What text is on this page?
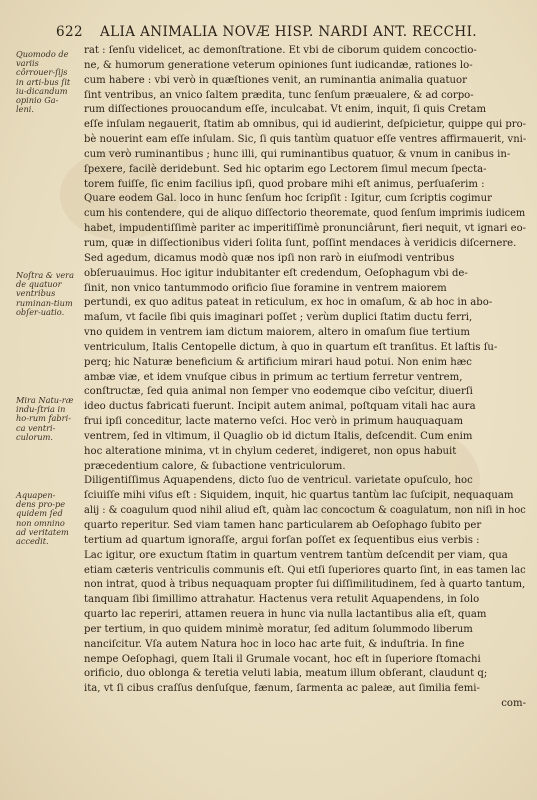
622 ALIA ANIMALIA NOVÆ HISP. NARDI ANT. RECCHI.
Quomodo de variis côrrouer-ſijs in arti-bus ſit iu-dicandum opinio Ga-leni.
Noſtra & vera de quatuor ventribus ruminan-tium obſer-uatio.
Mira Natu-ræ indu-ſtria in ho-rum fabri-ca ventri-culorum.
Aquapen-dens pro-pe quidem ſed non omnino ad veritatem accedit.
rat : ſenſu videlicet, ac demonſtratione. Et vbi de ciborum quidem concoctio-
ne, & humorum generatione veterum opiniones ſunt iudicandæ, rationes lo-
cum habere : vbi verò in quæſtiones venit, an ruminantia animalia quatuor
ſint ventribus, an vnico ſaltem prædita, tunc ſenſum præualere, & ad corpo-
rum diſſectiones prouocandum eſſe, inculcabat. Vt enim, inquit, ſi quis Cretam
eſſe inſulam negauerit, ſtatim ab omnibus, qui id audierint, deſpicietur, quippe qui pro-
bè nouerint eam eſſe inſulam. Sic, ſi quis tantùm quatuor eſſe ventres affirmauerit, vni-
cum verò ruminantibus ; hunc illi, qui ruminantibus quatuor, & vnum in canibus in-
ſpexere, facilè deridebunt. Sed hic optarim ego Lectorem ſimul mecum ſpecta-
torem fuiſſe, ſic enim facilius ipſi, quod probare mihi eſt animus, perſuaſerim :
Quare eodem Gal. loco in hunc ſenſum hoc ſcripſit : Igitur, cum ſcriptis cogimur
cum his contendere, qui de aliquo diſſectorio theoremate, quod ſenſum imprimis iudicem
habet, impudentiſſimè pariter ac imperitiſſimè pronunciârunt, fieri nequit, vt ignari eo-
rum, quæ in diſſectionibus videri ſolita ſunt, poſſint mendaces à veridicis diſcernere.
Sed agedum, dicamus modò quæ nos ipſi non rarò in eiuſmodi ventribus
obſeruauimus. Hoc igitur indubitanter eſt credendum, Oeſophagum vbi de-
ſinit, non vnico tantummodo orificio ſiue foramine in ventrem maiorem
pertundi, ex quo aditus pateat in reticulum, ex hoc in omaſum, & ab hoc in abo-
maſum, vt facile ſibi quis imaginari poſſet ; verùm duplici ſtatim ductu ferri,
vno quidem in ventrem iam dictum maiorem, altero in omaſum ſiue tertium
ventriculum, Italis Centopelle dictum, à quo in quartum eſt tranſitus. Et laſtis ſu-
perq; hic Naturæ beneficium & artificium mirari haud potui. Non enim hæc
ambæ viæ, et idem vnuſque cibus in primum ac tertium ferretur ventrem,
conſtructæ, ſed quia animal non ſemper vno eodemque cibo veſcitur, diuerſi
ideo ductus fabricati fuerunt. Incipit autem animal, poſtquam vitali hac aura
frui ipſi conceditur, lacte materno veſci. Hoc verò in primum hauquaquam
ventrem, ſed in vltimum, il Quaglio ob id dictum Italis, deſcendit. Cum enim
hoc alteratione minima, vt in chylum cederet, indigeret, non opus habuit
præcedentium calore, & ſubactione ventriculorum.
Diligentiſſimus Aquapendens, dicto ſuo de ventricul. varietate opuſculo, hoc
ſciuiſſe mihi viſus eſt : Siquidem, inquit, hic quartus tantùm lac ſuſcipit, nequaquam
alij : & coagulum quod nihil aliud eſt, quàm lac concoctum & coagulatum, non niſi in hoc
quarto reperitur. Sed viam tamen hanc particularem ab Oeſophago ſubito per
tertium ad quartum ignoraſſe, argui forſan poſſet ex ſequentibus eius verbis :
Lac igitur, ore exuctum ſtatim in quartum ventrem tantùm deſcendit per viam, qua
etiam cæteris ventriculis communis eſt. Qui etſi ſuperiores quarto ſint, in eas tamen lac
non intrat, quod à tribus nequaquam propter ſui diſſimilitudinem, ſed à quarto tantum,
tanquam ſibi ſimillimo attrahatur. Hactenus vera retulit Aquapendens, in ſolo
quarto lac reperiri, attamen reuera in hunc via nulla lactantibus alia eſt, quam
per tertium, in quo quidem minimè moratur, ſed aditum ſolummodo liberum
nanciſcitur. Vſa autem Natura hoc in loco hac arte fuit, & induſtria. In fine
nempe Oeſophagi, quem Itali il Grumale vocant, hoc eſt in ſuperiore ſtomachi
orificio, duo oblonga & teretia veluti labia, meatum illum obſerant, claudunt q;
ita, vt ſi cibus craſſus denſuſque, fænum, ſarmenta ac paleæ, aut ſimilia femi-
com-
